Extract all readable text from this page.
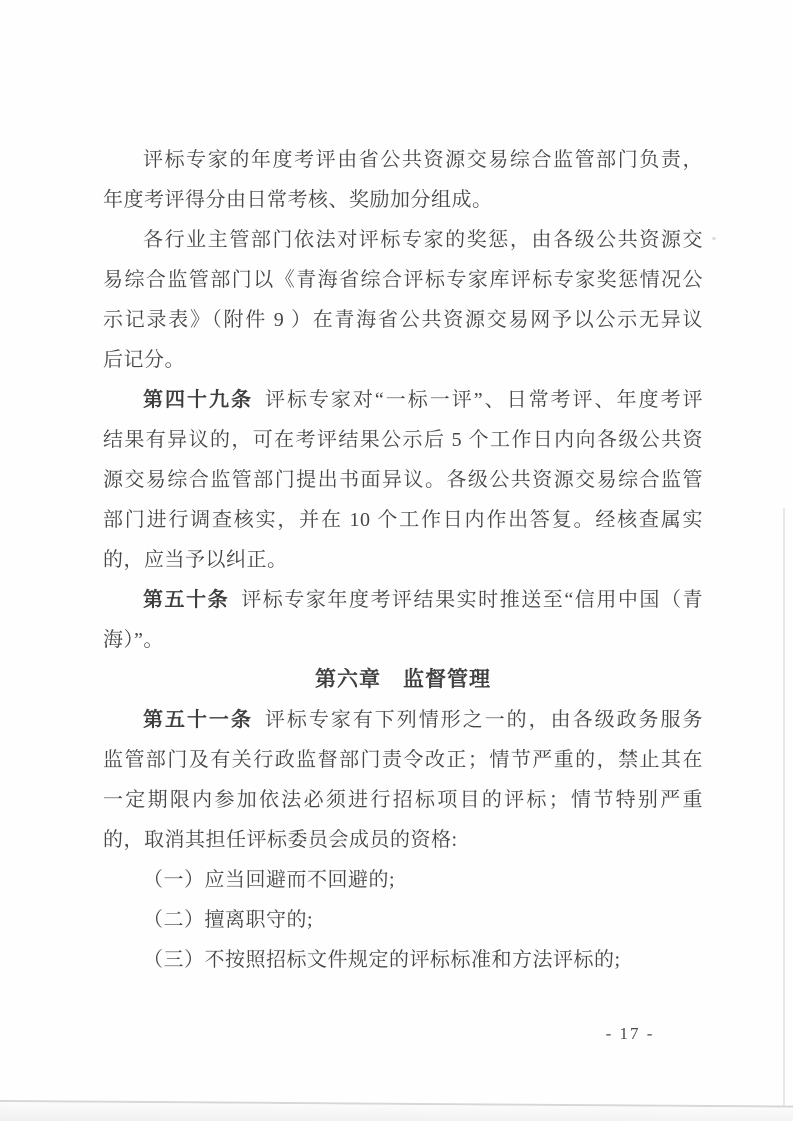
评标专家的年度考评由省公共资源交易综合监管部门负责，
年度考评得分由日常考核、奖励加分组成。
各行业主管部门依法对评标专家的奖惩，由各级公共资源交
易综合监管部门以《青海省综合评标专家库评标专家奖惩情况公
示记录表》（附件 9 ）在青海省公共资源交易网予以公示无异议
后记分。
第四十九条 评标专家对“一标一评”、日常考评、年度考评
结果有异议的，可在考评结果公示后 5 个工作日内向各级公共资
源交易综合监管部门提出书面异议。各级公共资源交易综合监管
部门进行调查核实，并在 10 个工作日内作出答复。经核查属实
的，应当予以纠正。
第五十条 评标专家年度考评结果实时推送至“信用中国（青
海）”。
第六章　监督管理
第五十一条 评标专家有下列情形之一的，由各级政务服务
监管部门及有关行政监督部门责令改正；情节严重的，禁止其在
一定期限内参加依法必须进行招标项目的评标；情节特别严重
的，取消其担任评标委员会成员的资格:
（一）应当回避而不回避的;
（二）擅离职守的;
（三）不按照招标文件规定的评标标准和方法评标的;
- 17 -
